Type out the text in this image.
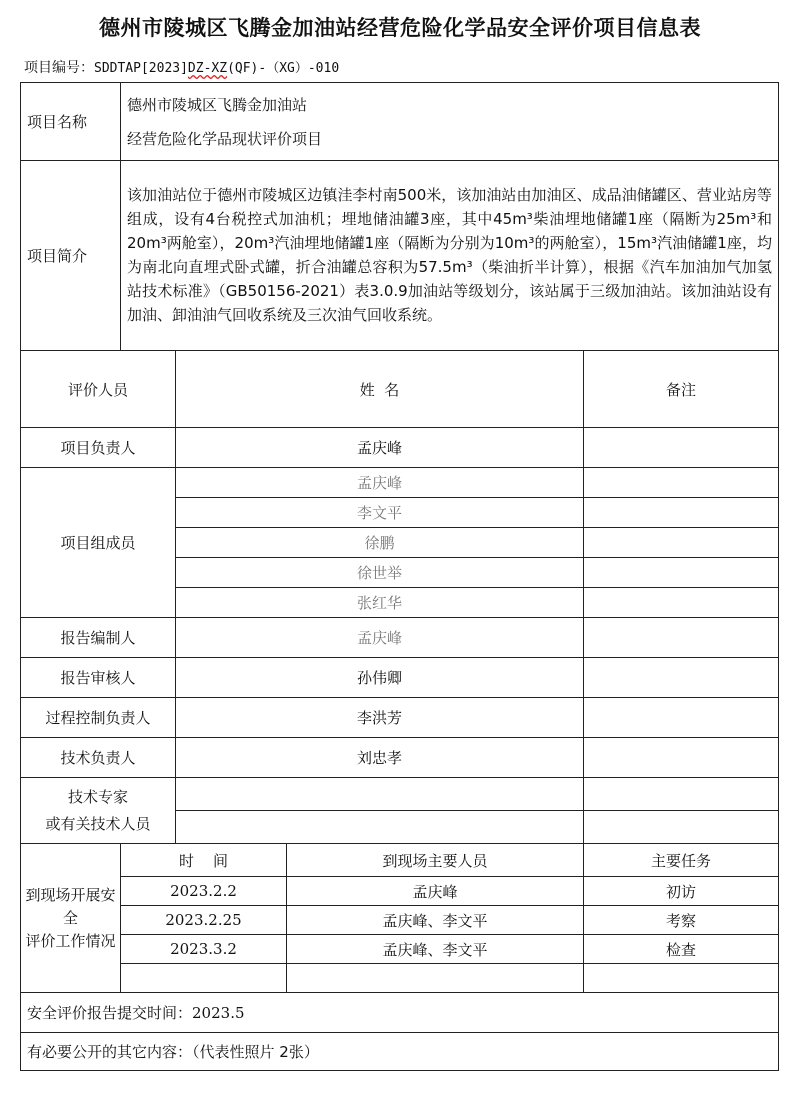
德州市陵城区飞腾金加油站经营危险化学品安全评价项目信息表
项目编号：SDDTAP[2023]DZ-XZ(QF)-（XG）-010
项目名称	德州市陵城区飞腾金加油站
经营危险化学品现状评价项目			

项目简介	该加油站位于德州市陵城区边镇洼李村南500米，该加油站由加油区、成品油储罐区、营业站房等组成，设有4台税控式加油机；埋地储油罐3座，其中45m³柴油埋地储罐1座（隔断为25m³和20m³两舱室），20m³汽油埋地储罐1座（隔断为分别为10m³的两舱室），15m³汽油储罐1座，均为南北向直埋式卧式罐，折合油罐总容积为57.5m³（柴油折半计算），根据《汽车加油加气加氢站技术标准》（GB50156-2021）表3.0.9加油站等级划分，该站属于三级加油站。该加油站设有加油、卸油油气回收系统及三次油气回收系统。			
评价人员		姓  名		备注
项目负责人		孟庆峰		
项目组成员		孟庆峰		
		李文平		
		徐鹏		
		徐世举		
		张红华		
报告编制人		孟庆峰		
报告审核人		孙伟卿		
过程控制负责人		李洪芳		
技术负责人		刘忠孝		

技术专家
或有关技术人员				

到现场开展安全
评价工作情况	时    间		到现场主要人员	主要任务
	2023.2.2		孟庆峰	初访
	2023.2.25		孟庆峰、李文平	考察
	2023.3.2		孟庆峰、李文平	检查

安全评价报告提交时间：2023.5				
有必要公开的其它内容：（代表性照片 2张）				
